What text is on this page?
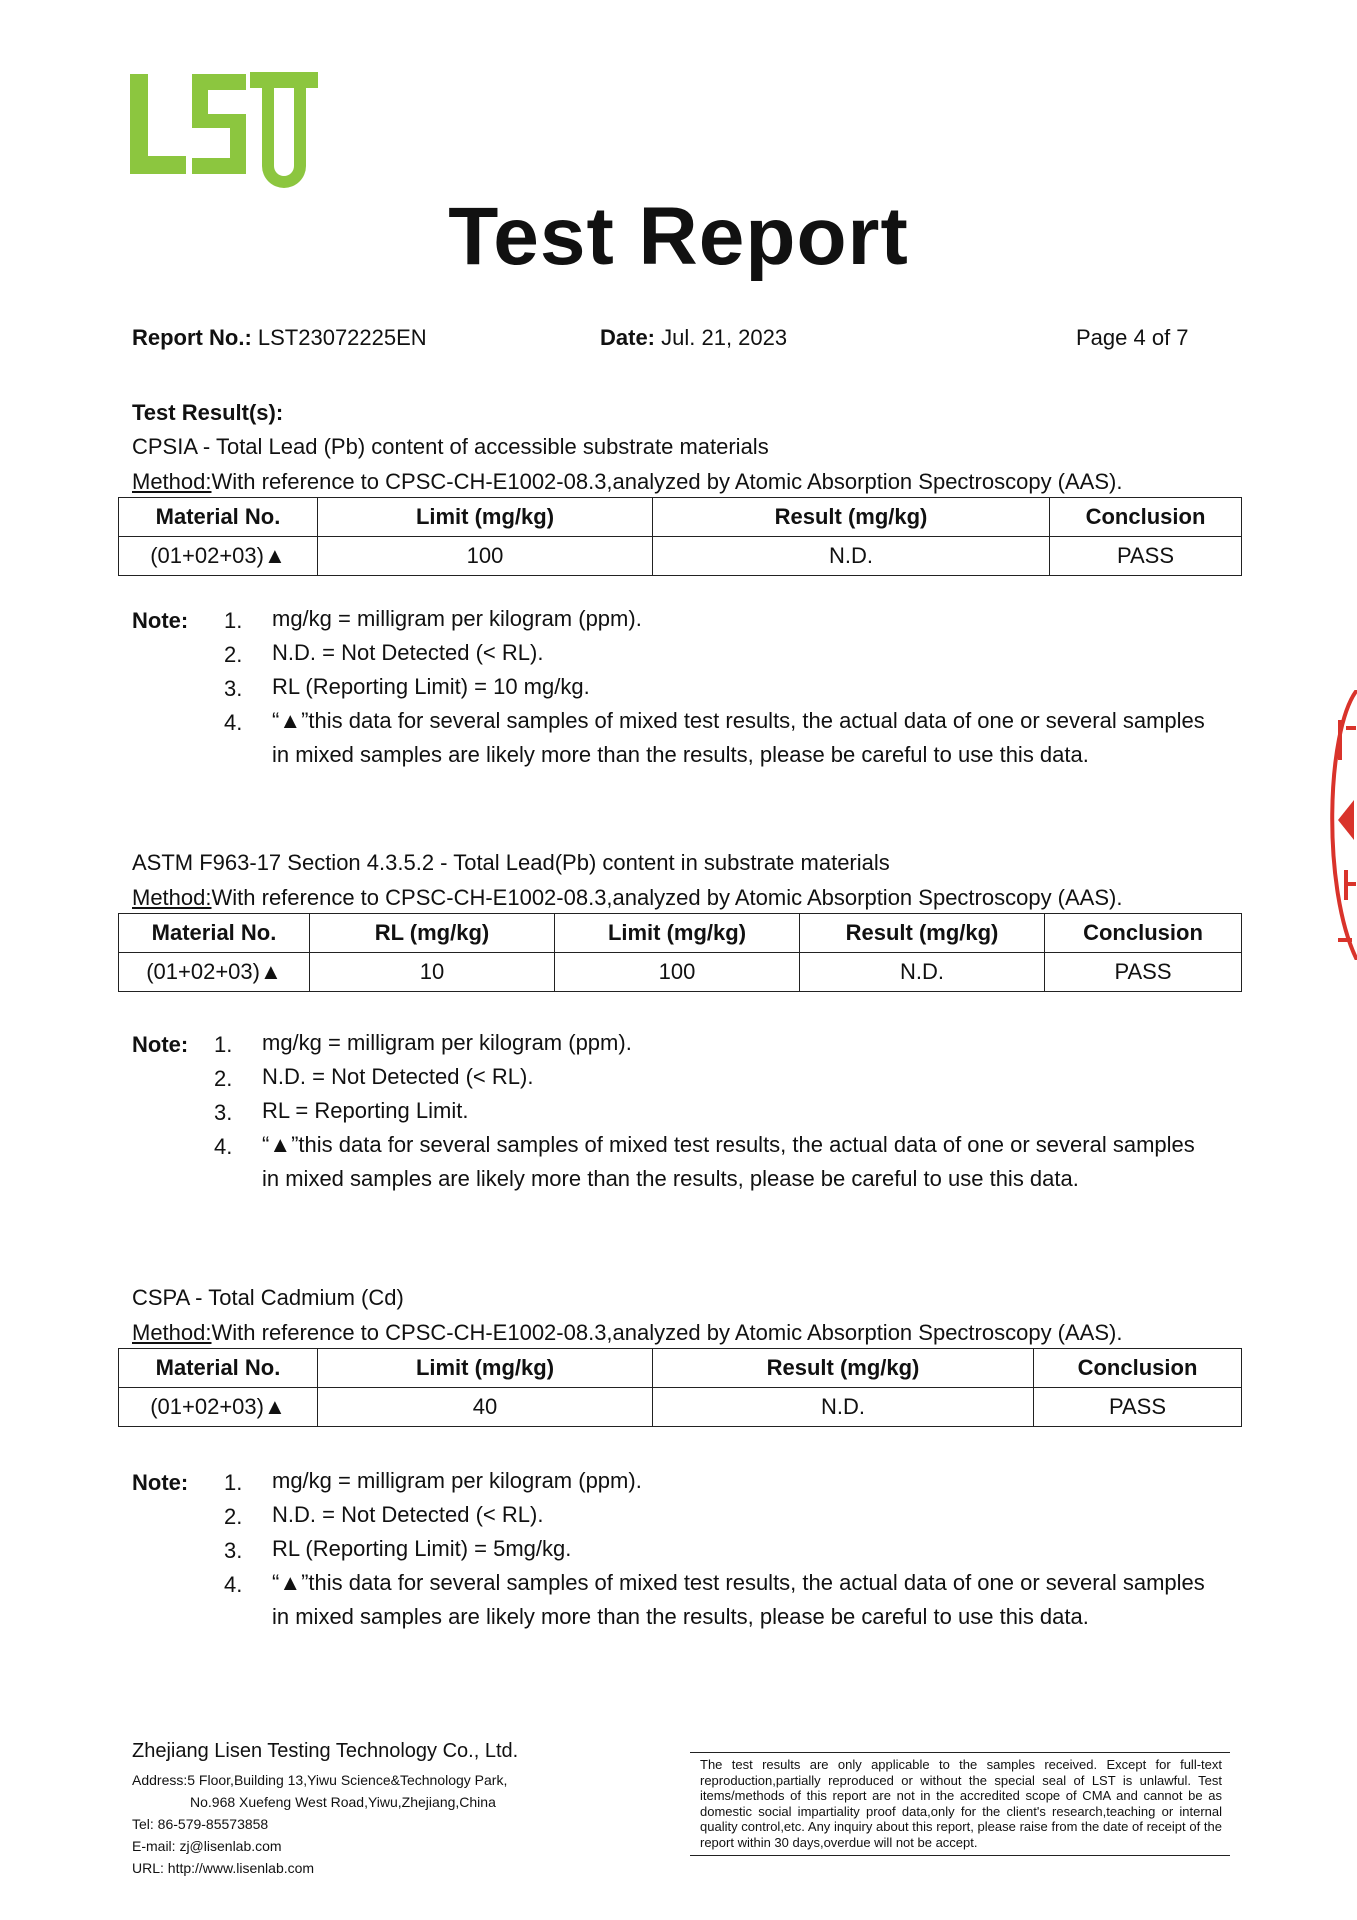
Test Report
Report No.: LST23072225EN	Date: Jul. 21, 2023	Page 4 of 7
Test Result(s):
CPSIA - Total Lead (Pb) content of accessible substrate materials
Method:With reference to CPSC-CH-E1002-08.3,analyzed by Atomic Absorption Spectroscopy (AAS).
Material No.	Limit (mg/kg)	Result (mg/kg)	Conclusion
(01+02+03)▲	100	N.D.	PASS
Note: 1.
2.
3.
4.
mg/kg = milligram per kilogram (ppm).
N.D. = Not Detected (< RL).
RL (Reporting Limit) = 10 mg/kg.
“▲”this data for several samples of mixed test results, the actual data of one or several samples
in mixed samples are likely more than the results, please be careful to use this data.
ASTM F963-17 Section 4.3.5.2 - Total Lead(Pb) content in substrate materials
Method:With reference to CPSC-CH-E1002-08.3,analyzed by Atomic Absorption Spectroscopy (AAS).
Material No.	RL (mg/kg)	Limit (mg/kg)	Result (mg/kg)	Conclusion
(01+02+03)▲	10	100	N.D.	PASS
Note: 1.
2.
3.
4.
mg/kg = milligram per kilogram (ppm).
N.D. = Not Detected (< RL).
RL = Reporting Limit.
“▲”this data for several samples of mixed test results, the actual data of one or several samples
in mixed samples are likely more than the results, please be careful to use this data.
CSPA - Total Cadmium (Cd)
Method:With reference to CPSC-CH-E1002-08.3,analyzed by Atomic Absorption Spectroscopy (AAS).
Material No.	Limit (mg/kg)	Result (mg/kg)	Conclusion
(01+02+03)▲	40	N.D.	PASS
Note: 1.
2.
3.
4.
mg/kg = milligram per kilogram (ppm).
N.D. = Not Detected (< RL).
RL (Reporting Limit) = 5mg/kg.
“▲”this data for several samples of mixed test results, the actual data of one or several samples
in mixed samples are likely more than the results, please be careful to use this data.
Zhejiang Lisen Testing Technology Co., Ltd.
Address:5 Floor,Building 13,Yiwu Science&Technology Park,
No.968 Xuefeng West Road,Yiwu,Zhejiang,China
Tel: 86-579-85573858
E-mail: zj@lisenlab.com
URL: http://www.lisenlab.com
The test results are only applicable to the samples received. Except for full-text reproduction,partially reproduced or without the special seal of LST is unlawful. Test items/methods of this report are not in the accredited scope of CMA and cannot be as domestic social impartiality proof data,only for the client's research,teaching or internal quality control,etc. Any inquiry about this report, please raise from the date of receipt of the report within 30 days,overdue will not be accept.
